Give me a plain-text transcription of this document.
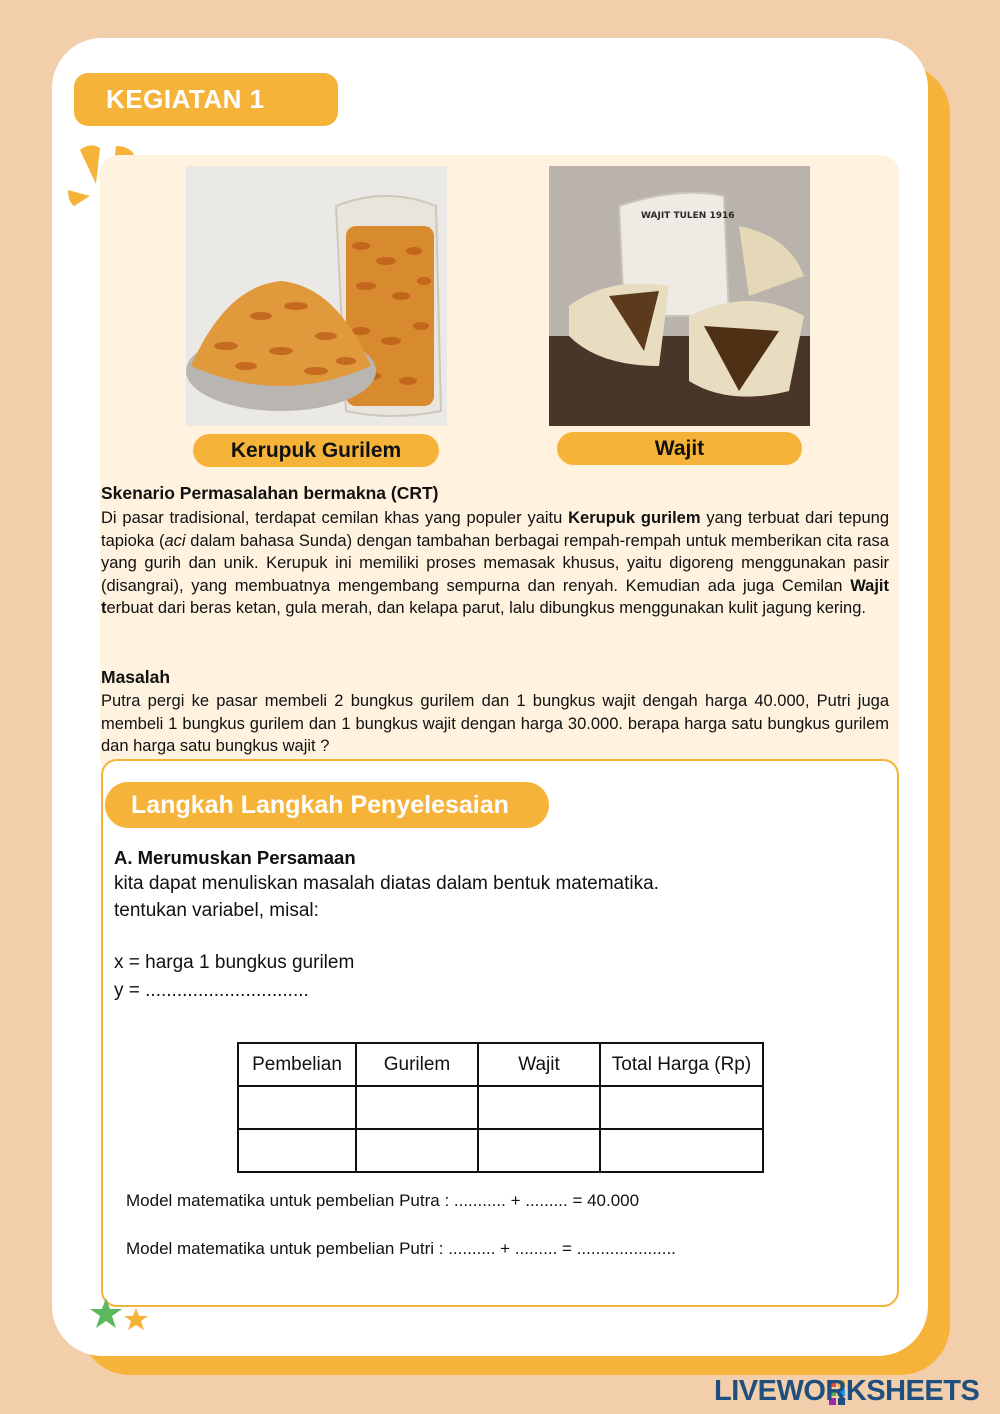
KEGIATAN 1
WAJIT TULEN 1916
Kerupuk Gurilem	Wajit
Skenario Permasalahan bermakna (CRT)
Di pasar tradisional, terdapat cemilan khas yang populer yaitu Kerupuk gurilem yang terbuat dari tepung tapioka (aci dalam bahasa Sunda) dengan tambahan berbagai rempah-rempah untuk memberikan cita rasa yang gurih dan unik. Kerupuk ini memiliki proses memasak khusus, yaitu digoreng menggunakan pasir (disangrai), yang membuatnya mengembang sempurna dan renyah. Kemudian ada juga Cemilan Wajit terbuat dari beras ketan, gula merah, dan kelapa parut, lalu dibungkus menggunakan kulit jagung kering.
Masalah
Putra pergi ke pasar membeli 2 bungkus gurilem dan 1 bungkus wajit dengah harga 40.000, Putri juga membeli 1 bungkus gurilem dan 1 bungkus wajit dengan harga 30.000. berapa harga satu bungkus gurilem dan harga satu bungkus wajit ?
Langkah Langkah Penyelesaian
A. Merumuskan Persamaan
kita dapat menuliskan masalah diatas dalam bentuk matematika.
tentukan variabel, misal:
x = harga 1 bungkus gurilem
y = ...............................
Pembelian	Gurilem	Wajit	Total Harga (Rp)

Model matematika untuk pembelian Putra : ........... + ......... = 40.000
Model matematika untuk pembelian Putri : .......... + ......... = .....................
LIVEWORKSHEETS
